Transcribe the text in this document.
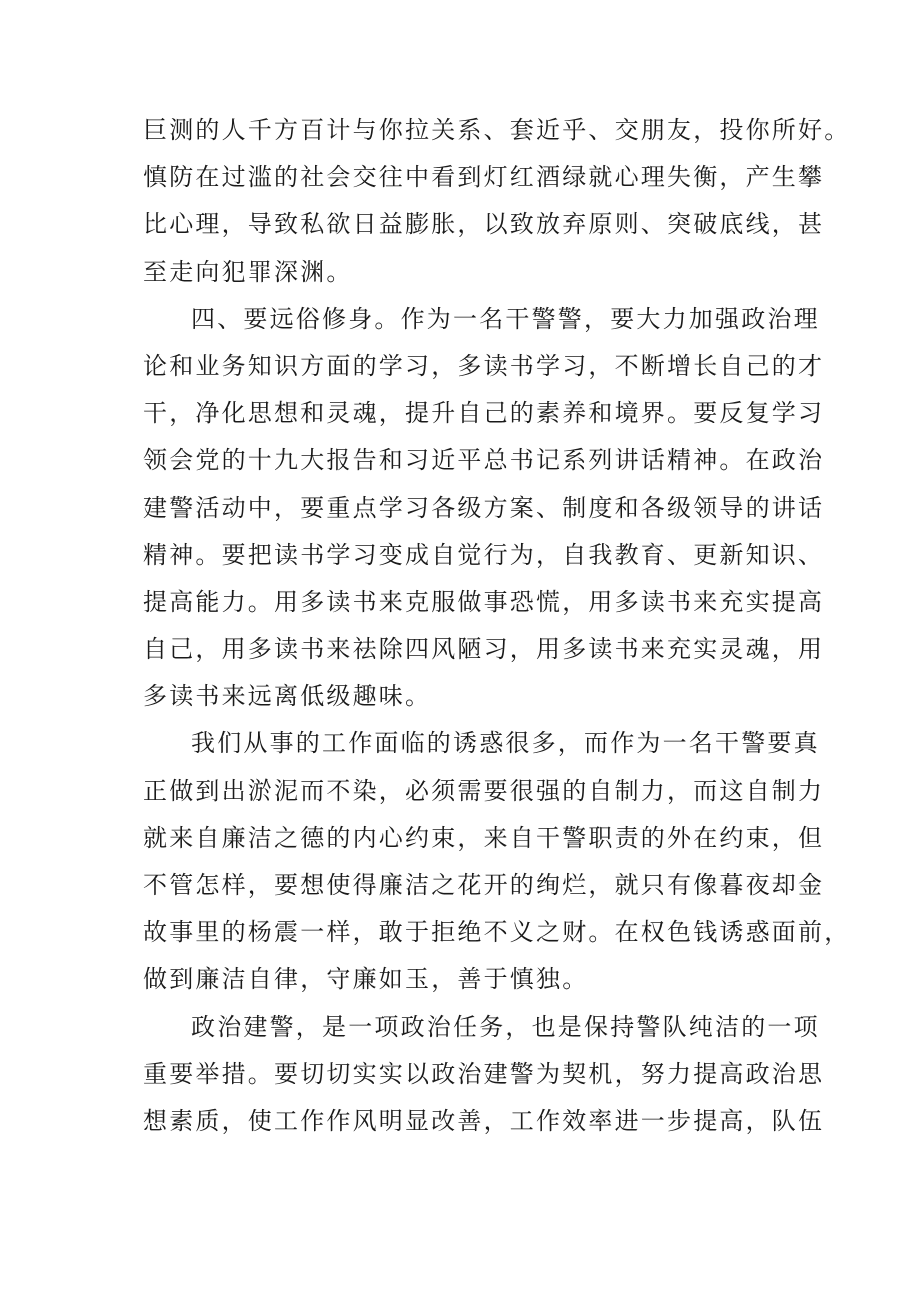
巨测的人千方百计与你拉关系、套近乎、交朋友，投你所好。
慎防在过滥的社会交往中看到灯红酒绿就心理失衡，产生攀
比心理，导致私欲日益膨胀，以致放弃原则、突破底线，甚
至走向犯罪深渊。
四、要远俗修身。作为一名干警警，要大力加强政治理
论和业务知识方面的学习，多读书学习，不断增长自己的才
干，净化思想和灵魂，提升自己的素养和境界。要反复学习
领会党的十九大报告和习近平总书记系列讲话精神。在政治
建警活动中，要重点学习各级方案、制度和各级领导的讲话
精神。要把读书学习变成自觉行为，自我教育、更新知识、
提高能力。用多读书来克服做事恐慌，用多读书来充实提高
自己，用多读书来祛除四风陋习，用多读书来充实灵魂，用
多读书来远离低级趣味。
我们从事的工作面临的诱惑很多，而作为一名干警要真
正做到出淤泥而不染，必须需要很强的自制力，而这自制力
就来自廉洁之德的内心约束，来自干警职责的外在约束，但
不管怎样，要想使得廉洁之花开的绚烂，就只有像暮夜却金
故事里的杨震一样，敢于拒绝不义之财。在权色钱诱惑面前，
做到廉洁自律，守廉如玉，善于慎独。
政治建警，是一项政治任务，也是保持警队纯洁的一项
重要举措。要切切实实以政治建警为契机，努力提高政治思
想素质，使工作作风明显改善，工作效率进一步提高，队伍
